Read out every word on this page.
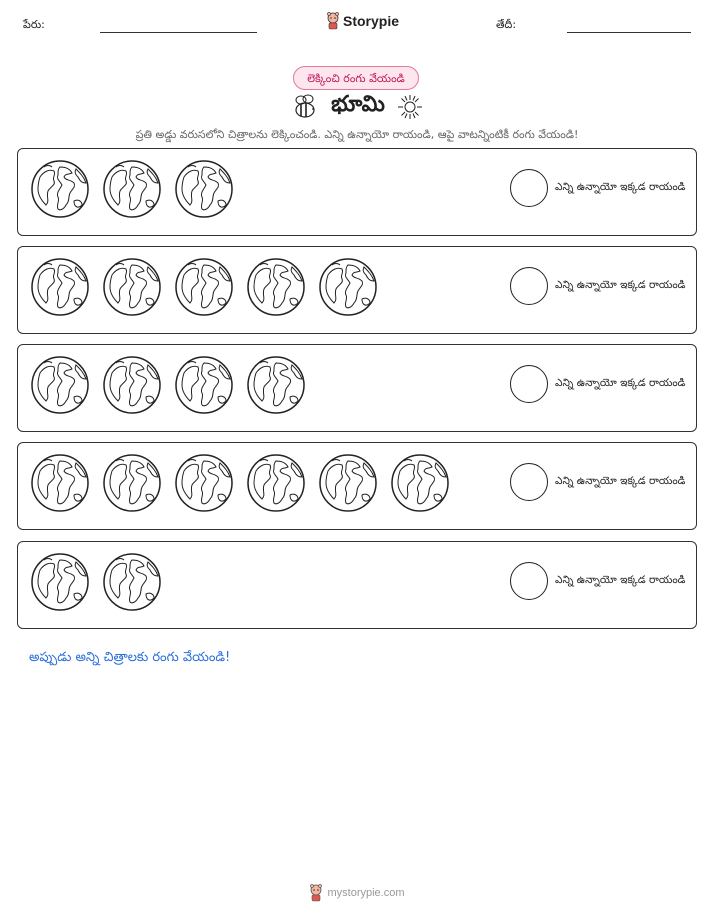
పేరు:	Storypie	తేదీ:
లెక్కించి రంగు వేయండి
భూమి
ప్రతి అడ్డు వరుసలోని చిత్రాలను లెక్కించండి. ఎన్ని ఉన్నాయో రాయండి, ఆపై వాటన్నింటికీ రంగు వేయండి!
ఎన్ని ఉన్నాయో ఇక్కడ రాయండి
ఎన్ని ఉన్నాయో ఇక్కడ రాయండి
ఎన్ని ఉన్నాయో ఇక్కడ రాయండి
ఎన్ని ఉన్నాయో ఇక్కడ రాయండి
ఎన్ని ఉన్నాయో ఇక్కడ రాయండి
అప్పుడు అన్ని చిత్రాలకు రంగు వేయండి!
mystorypie.com
